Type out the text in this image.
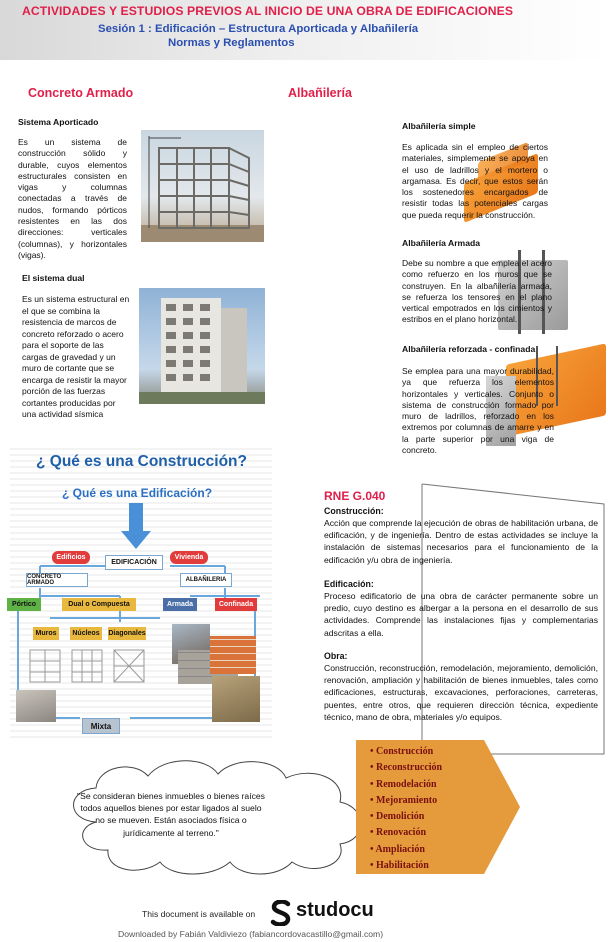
ACTIVIDADES Y ESTUDIOS PREVIOS AL INICIO DE UNA OBRA DE EDIFICACIONES
Sesión 1 : Edificación – Estructura Aporticada y Albañilería
Normas y Reglamentos
Concreto Armado
Sistema Aporticado
Es un sistema de construcción sólido y durable, cuyos elementos estructurales consisten en vigas y columnas conectadas a través de nudos, formando pórticos resistentes en las dos direcciones: verticales (columnas), y horizontales (vigas).
El sistema dual
Es un sistema estructural en el que se combina la resistencia de marcos de concreto reforzado o acero para el soporte de las cargas de gravedad y un muro de cortante que se encarga de resistir la mayor porción de las fuerzas cortantes producidas por una actividad sísmica
Albañilería
Albañilería simple
Es aplicada sin el empleo de ciertos materiales, simplemente se apoya en el uso de ladrillos y el mortero o argamasa. Es decir, que estos serán los sostenedores encargados de resistir todas las potenciales cargas que pueda requerir la construcción.
Albañilería Armada
Debe su nombre a que emplea el acero como refuerzo en los muros que se construyen. En la albañilería armada, se refuerza los tensores en el plano vertical empotrados en los cimientos y estribos en el plano horizontal.
Albañilería reforzada - confinada
Se emplea para una mayor durabilidad, ya que refuerza los elementos horizontales y verticales. Conjunto o sistema de construcción formado por muro de ladrillos, reforzado en los extremos por columnas de amarre y en la parte superior por una viga de concreto.
¿ Qué es una Construcción?
¿ Qué es una Edificación?
EDIFICACIÓN
Edificios	Vivienda
CONCRETO ARMADO	ALBAÑILERIA
Pórtico	Dual o Compuesta	Armada	Confinada
Muros	Núcleos	Diagonales
Mixta
RNE G.040
Construcción:
Acción que comprende la ejecución de obras de habilitación urbana, de edificación, y de ingeniería. Dentro de estas actividades se incluye la instalación de sistemas necesarios para el funcionamiento de la edificación y/u obra de ingeniería.
Edificación:
Proceso edificatorio de una obra de carácter permanente sobre un predio, cuyo destino es albergar a la persona en el desarrollo de sus actividades. Comprende las instalaciones fijas y complementarias adscritas a ella.
Obra:
Construcción, reconstrucción, remodelación, mejoramiento, demolición, renovación, ampliación y habilitación de bienes inmuebles, tales como edificaciones, estructuras, excavaciones, perforaciones, carreteras, puentes, entre otros, que requieren dirección técnica, expediente técnico, mano de obra, materiales y/o equipos.
"Se consideran bienes inmuebles o bienes raíces todos aquellos bienes por estar ligados al suelo no se mueven. Están asociados física o jurídicamente al terreno."
• Construcción
• Reconstrucción
• Remodelación
• Mejoramiento
• Demolición
• Renovación
• Ampliación
• Habilitación
This document is available on studocu
Downloaded by Fabián Valdiviezo (fabiancordovacastillo@gmail.com)
